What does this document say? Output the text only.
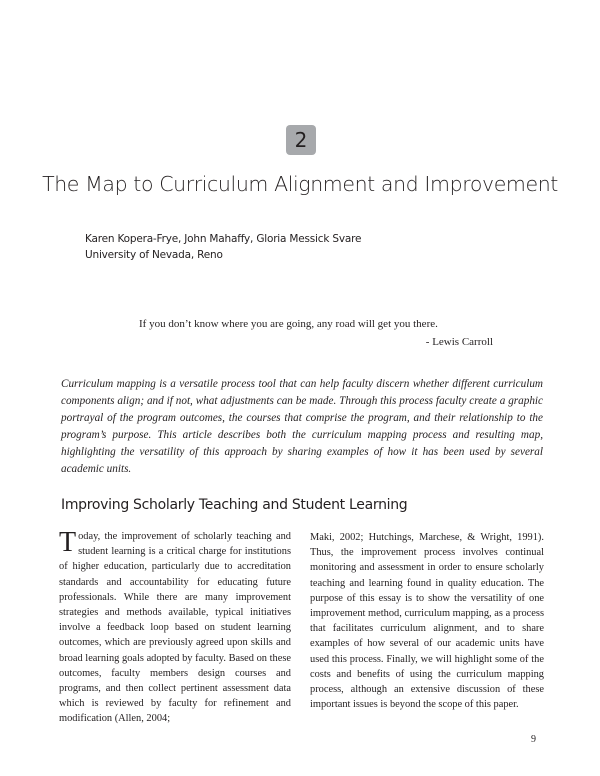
2
The Map to Curriculum Alignment and Improvement
Karen Kopera-Frye, John Mahaffy, Gloria Messick Svare
University of Nevada, Reno
If you don’t know where you are going, any road will get you there.
- Lewis Carroll
Curriculum mapping is a versatile process tool that can help faculty discern whether different curriculum components align; and if not, what adjustments can be made. Through this process faculty create a graphic portrayal of the program outcomes, the courses that comprise the program, and their relationship to the program’s purpose. This article describes both the curriculum mapping process and resulting map, highlighting the versatility of this approach by sharing examples of how it has been used by several academic units.
Improving Scholarly Teaching and Student Learning
Today, the improvement of scholarly teaching and student learning is a critical charge for institutions of higher education, particularly due to accreditation standards and accountability for educating future professionals. While there are many improvement strategies and methods available, typical initiatives involve a feedback loop based on student learning outcomes, which are previously agreed upon skills and broad learning goals adopted by faculty. Based on these outcomes, faculty members design courses and programs, and then collect pertinent assessment data which is reviewed by faculty for refinement and modification (Allen, 2004;
Maki, 2002; Hutchings, Marchese, & Wright, 1991). Thus, the improvement process involves continual monitoring and assessment in order to ensure scholarly teaching and learning found in quality education. The purpose of this essay is to show the versatility of one improvement method, curriculum mapping, as a process that facilitates curriculum alignment, and to share examples of how several of our academic units have used this process. Finally, we will highlight some of the costs and benefits of using the curriculum mapping process, although an extensive discussion of these important issues is beyond the scope of this paper.
9
